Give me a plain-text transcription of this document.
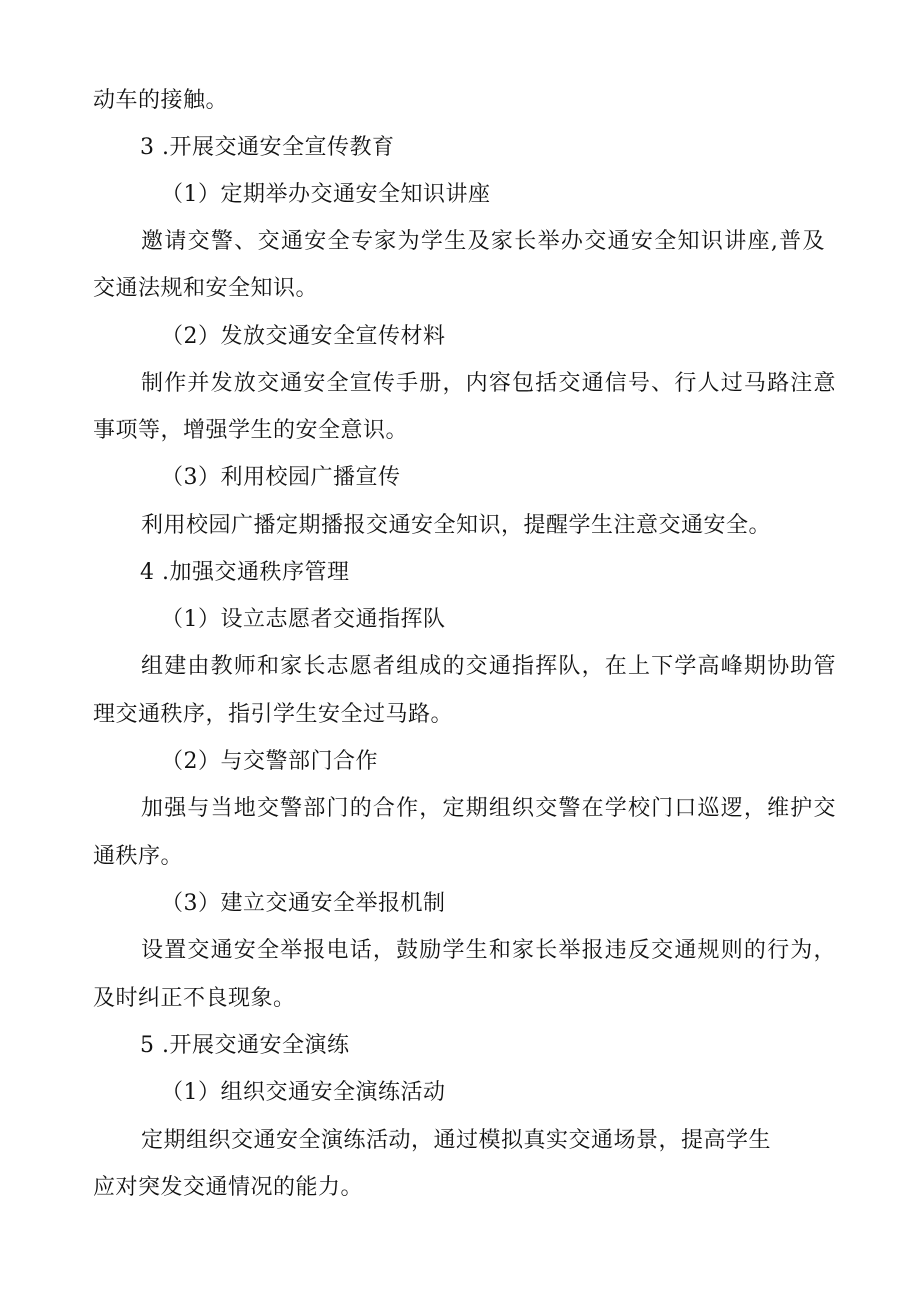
动车的接触。
3 .开展交通安全宣传教育
（1）定期举办交通安全知识讲座
邀请交警、交通安全专家为学生及家长举办交通安全知识讲座,普及
交通法规和安全知识。
（2）发放交通安全宣传材料
制作并发放交通安全宣传手册，内容包括交通信号、行人过马路注意
事项等，增强学生的安全意识。
（3）利用校园广播宣传
利用校园广播定期播报交通安全知识，提醒学生注意交通安全。
4 .加强交通秩序管理
（1）设立志愿者交通指挥队
组建由教师和家长志愿者组成的交通指挥队，在上下学高峰期协助管
理交通秩序，指引学生安全过马路。
（2）与交警部门合作
加强与当地交警部门的合作，定期组织交警在学校门口巡逻，维护交
通秩序。
（3）建立交通安全举报机制
设置交通安全举报电话，鼓励学生和家长举报违反交通规则的行为，
及时纠正不良现象。
5 .开展交通安全演练
（1）组织交通安全演练活动
定期组织交通安全演练活动，通过模拟真实交通场景，提高学生
应对突发交通情况的能力。
